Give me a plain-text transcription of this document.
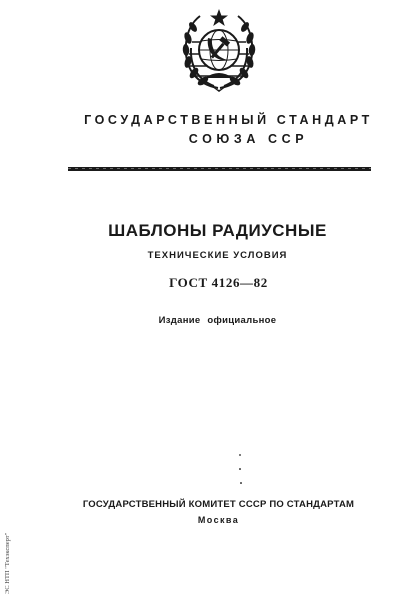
ГОСУДАРСТВЕННЫЙ СТАНДАРТ
СОЮЗА ССР
ШАБЛОНЫ РАДИУСНЫЕ
ТЕХНИЧЕСКИЕ УСЛОВИЯ
ГОСТ 4126—82
Издание официальное
ГОСУДАРСТВЕННЫЙ КОМИТЕТ СССР ПО СТАНДАРТАМ
Москва
ЭС НТП "Техэксперт"
